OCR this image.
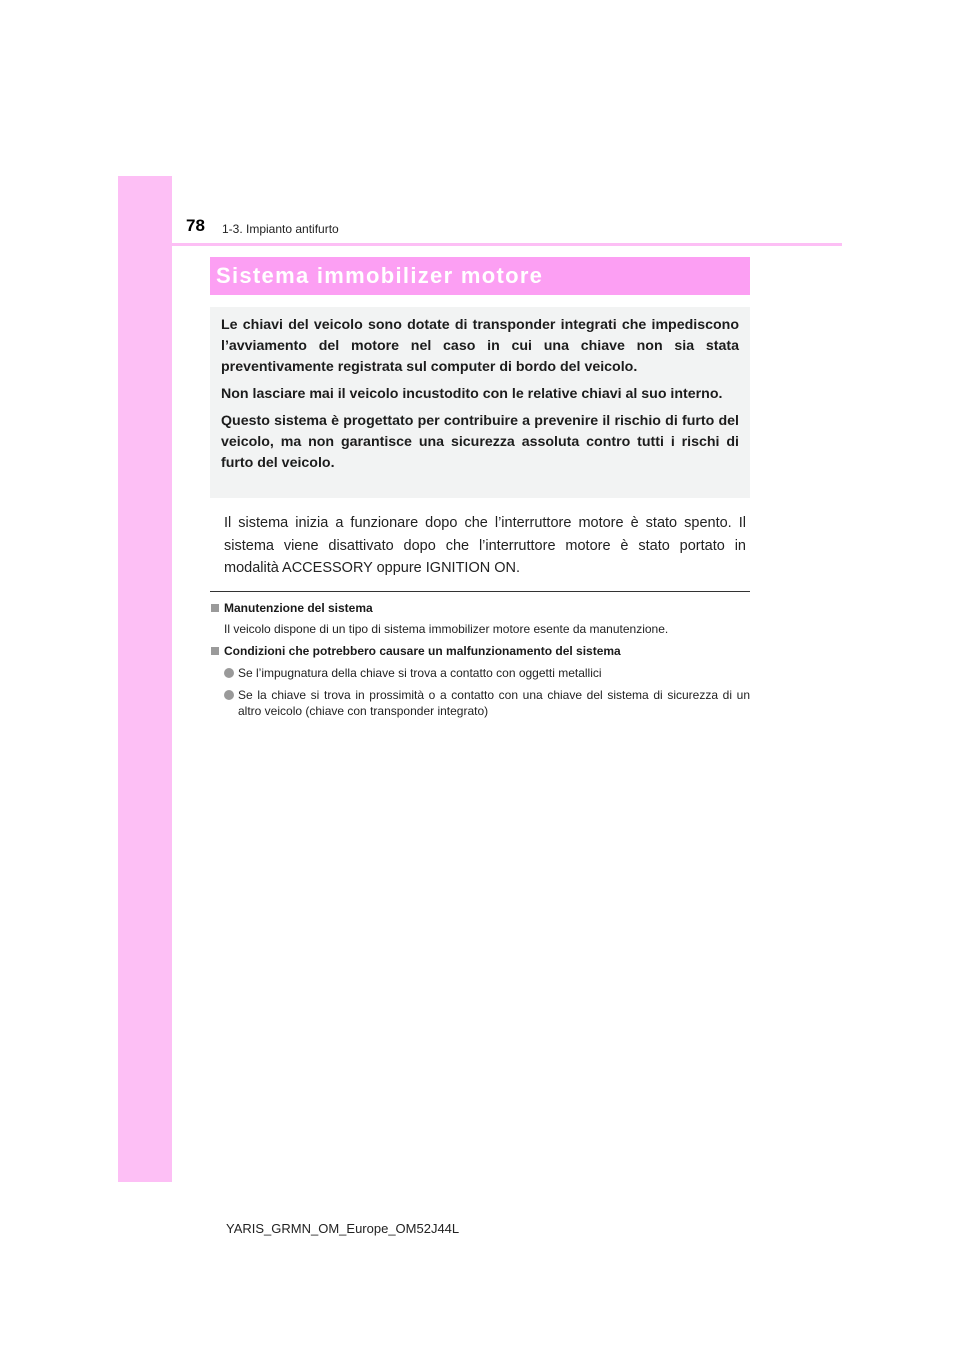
78 1-3. Impianto antifurto
Sistema immobilizer motore

Le chiavi del veicolo sono dotate di transponder integrati che impediscono l’avviamento del motore nel caso in cui una chiave non sia stata preventivamente registrata sul computer di bordo del veicolo.

Non lasciare mai il veicolo incustodito con le relative chiavi al suo interno.

Questo sistema è progettato per contribuire a prevenire il rischio di furto del veicolo, ma non garantisce una sicurezza assoluta contro tutti i rischi di furto del veicolo.

Il sistema inizia a funzionare dopo che l’interruttore motore è stato spento. Il sistema viene disattivato dopo che l’interruttore motore è stato portato in modalità ACCESSORY oppure IGNITION ON.

Manutenzione del sistema
Il veicolo dispone di un tipo di sistema immobilizer motore esente da manutenzione.
Condizioni che potrebbero causare un malfunzionamento del sistema
Se l’impugnatura della chiave si trova a contatto con oggetti metallici
Se la chiave si trova in prossimità o a contatto con una chiave del sistema di sicurezza di un altro veicolo (chiave con transponder integrato)
YARIS_GRMN_OM_Europe_OM52J44L
